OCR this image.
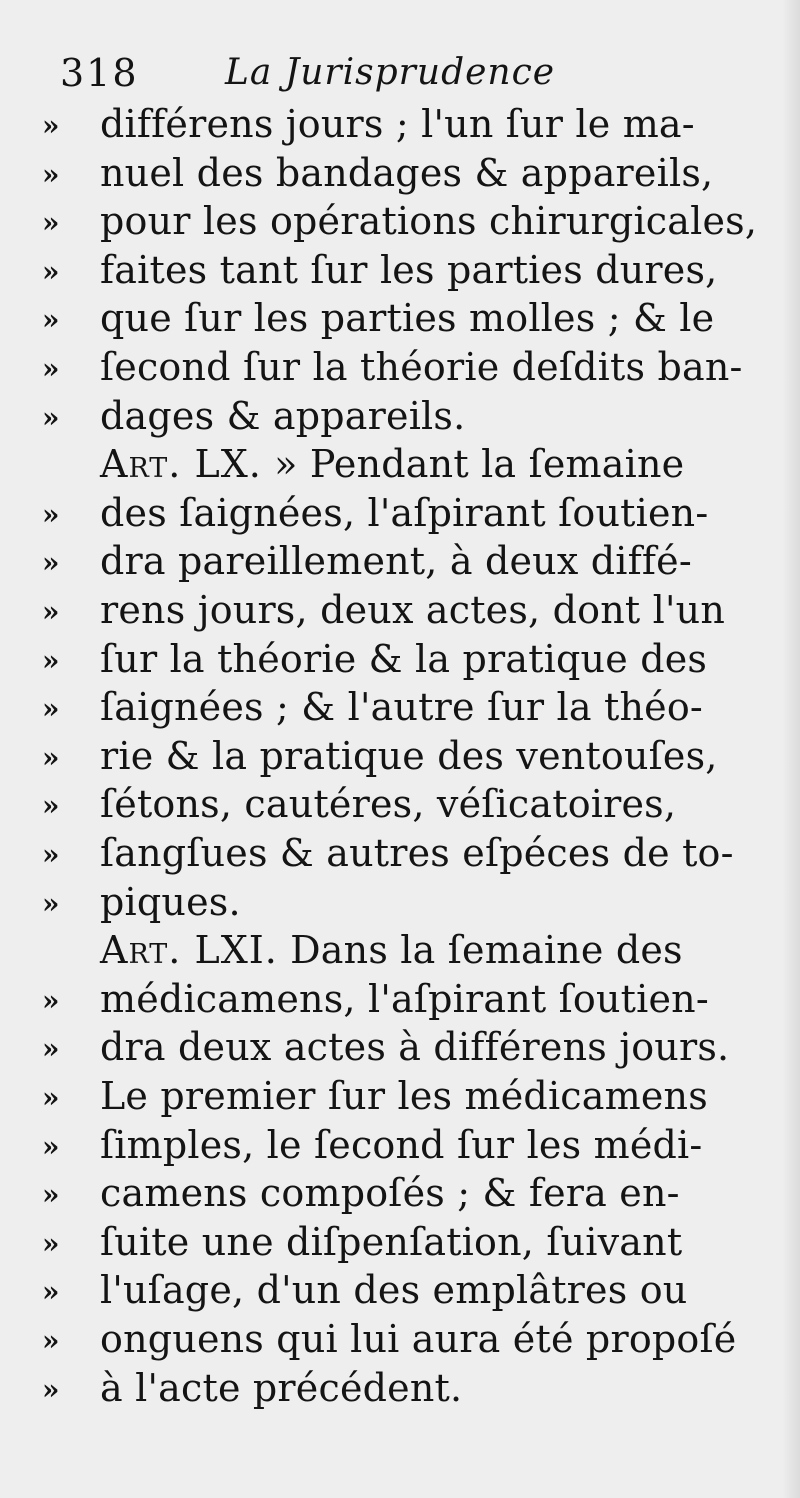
318 La Jurisprudence
»	différens jours ; l'un ſur le ma-
»	nuel des bandages & appareils,
»	pour les opérations chirurgicales,
»	faites tant ſur les parties dures,
»	que ſur les parties molles ; & le
»	ſecond ſur la théorie deſdits ban-
»	dages & appareils.
Art. LX. » Pendant la ſemaine
»	des ſaignées, l'aſpirant ſoutien-
»	dra pareillement, à deux diffé-
»	rens jours, deux actes, dont l'un
»	ſur la théorie & la pratique des
»	ſaignées ; & l'autre ſur la théo-
»	rie & la pratique des ventouſes,
»	ſétons, cautéres, véſicatoires,
»	ſangſues & autres eſpéces de to-
»	piques.
Art. LXI. Dans la ſemaine des
»	médicamens, l'aſpirant ſoutien-
»	dra deux actes à différens jours.
»	Le premier ſur les médicamens
»	ſimples, le ſecond ſur les médi-
»	camens compoſés ; & fera en-
»	ſuite une diſpenſation, ſuivant
»	l'uſage, d'un des emplâtres ou
»	onguens qui lui aura été propoſé
»	à l'acte précédent.
